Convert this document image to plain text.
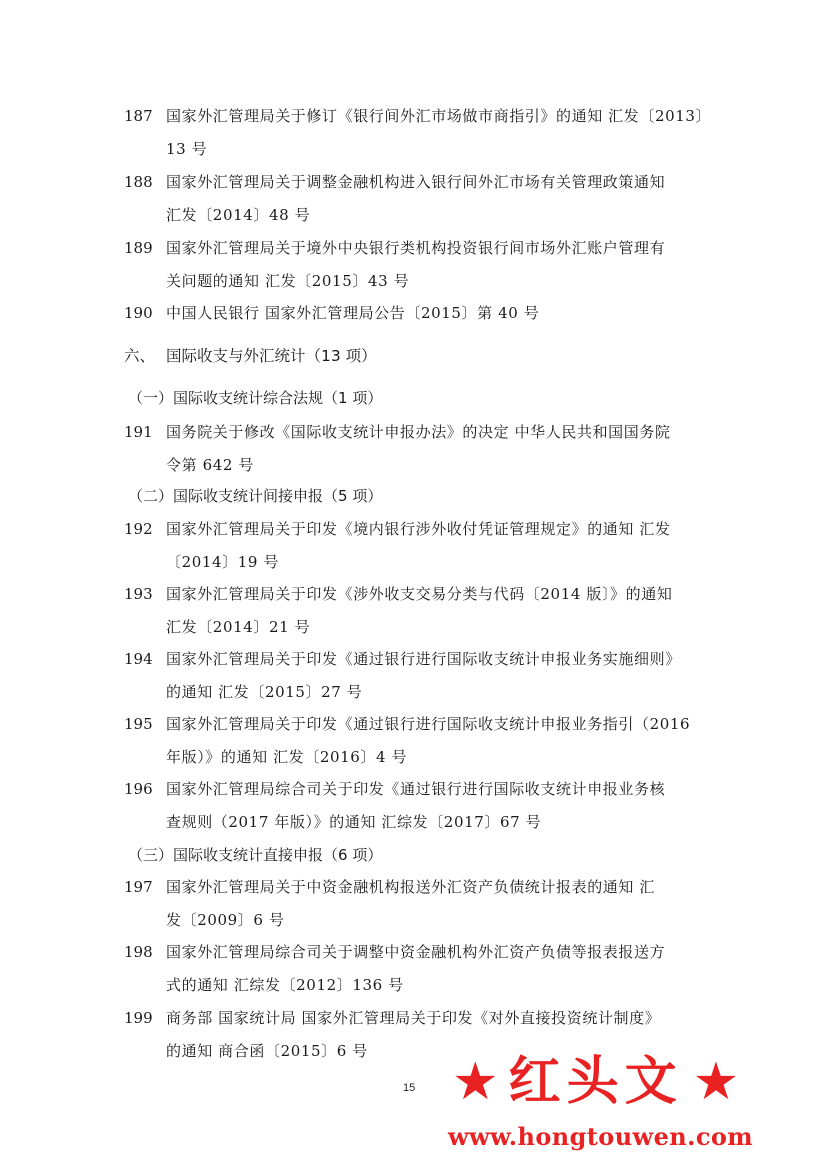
187 国家外汇管理局关于修订《银行间外汇市场做市商指引》的通知 汇发〔2013〕
13 号
188 国家外汇管理局关于调整金融机构进入银行间外汇市场有关管理政策通知
汇发〔2014〕48 号
189 国家外汇管理局关于境外中央银行类机构投资银行间市场外汇账户管理有
关问题的通知 汇发〔2015〕43 号
190 中国人民银行 国家外汇管理局公告〔2015〕第 40 号
六、 国际收支与外汇统计（13 项）
（一）国际收支统计综合法规（1 项）
191 国务院关于修改《国际收支统计申报办法》的决定 中华人民共和国国务院
令第 642 号
（二）国际收支统计间接申报（5 项）
192 国家外汇管理局关于印发《境内银行涉外收付凭证管理规定》的通知 汇发
〔2014〕19 号
193 国家外汇管理局关于印发《涉外收支交易分类与代码〔2014 版〕》的通知
汇发〔2014〕21 号
194 国家外汇管理局关于印发《通过银行进行国际收支统计申报业务实施细则》
的通知 汇发〔2015〕27 号
195 国家外汇管理局关于印发《通过银行进行国际收支统计申报业务指引（2016
年版）》的通知 汇发〔2016〕4 号
196 国家外汇管理局综合司关于印发《通过银行进行国际收支统计申报业务核
查规则（2017 年版）》的通知 汇综发〔2017〕67 号
（三）国际收支统计直接申报（6 项）
197 国家外汇管理局关于中资金融机构报送外汇资产负债统计报表的通知 汇
发〔2009〕6 号
198 国家外汇管理局综合司关于调整中资金融机构外汇资产负债等报表报送方
式的通知 汇综发〔2012〕136 号
199 商务部 国家统计局 国家外汇管理局关于印发《对外直接投资统计制度》
的通知 商合函〔2015〕6 号
15 ★ 红头文 ★
www.hongtouwen.com
